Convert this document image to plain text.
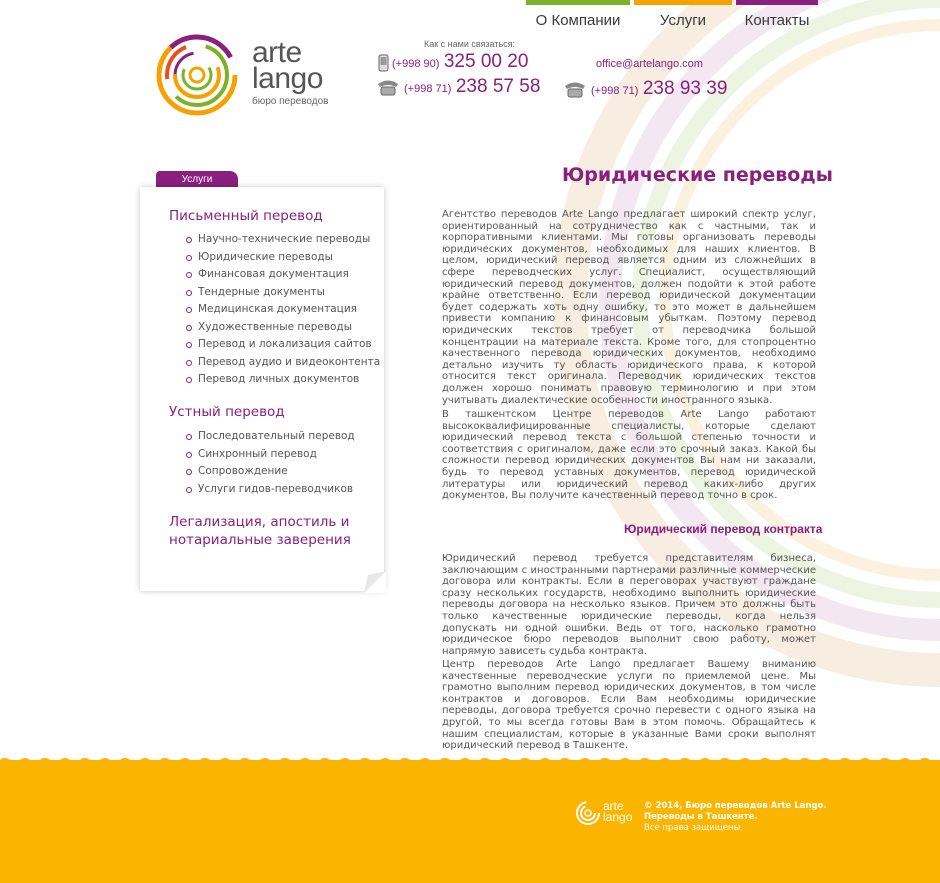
О Компании	Услуги	Контакты
arte
lango
бюро переводов
Как с нами связаться:
(+998 90) 325 00 20
(+998 71) 238 57 58
office@artelango.com
(+998 71) 238 93 39
Услуги
Письменный перевод
Научно-технические переводы
Юридические переводы
Финансовая документация
Тендерные документы
Медицинская документация
Художественные переводы
Перевод и локализация сайтов
Перевод аудио и видеоконтента
Перевод личных документов
Устный перевод
Последовательный перевод
Синхронный перевод
Сопровождение
Услуги гидов-переводчиков
Легализация, апостиль и
нотариальные заверения
Юридические переводы

Агентство переводов Arte Lango предлагает широкий спектр услуг, ориентированный на сотрудничество как с частными, так и корпоративными клиентами. Мы готовы организовать переводы юридических документов, необходимых для наших клиентов. В целом, юридический перевод является одним из сложнейших в сфере переводческих услуг. Специалист, осуществляющий юридический перевод документов, должен подойти к этой работе крайне ответственно. Если перевод юридической документации будет содержать хоть одну ошибку, то это может в дальнейшем привести компанию к финансовым убыткам. Поэтому перевод юридических текстов требует от переводчика большой концентрации на материале текста. Кроме того, для стопроцентно качественного перевода юридических документов, необходимо детально изучить ту область юридического права, к которой относится текст оригинала. Переводчик юридических текстов должен хорошо понимать правовую терминологию и при этом учитывать диалектические особенности иностранного языка.

В ташкентском Центре переводов Arte Lango работают высококвалифицированные специалисты, которые сделают юридический перевод текста с большой степенью точности и соответствия с оригиналом, даже если это срочный заказ. Какой бы сложности перевод юридических документов Вы нам ни заказали, будь то перевод уставных документов, перевод юридической литературы или юридический перевод каких-либо других документов, Вы получите качественный перевод точно в срок.

Юридический перевод контракта

Юридический перевод требуется представителям бизнеса, заключающим с иностранными партнерами различные коммерческие договора или контракты. Если в переговорах участвуют граждане сразу нескольких государств, необходимо выполнить юридические переводы договора на несколько языков. Причем это должны быть только качественные юридические переводы, когда нельзя допускать ни одной ошибки. Ведь от того, насколько грамотно юридическое бюро переводов выполнит свою работу, может напрямую зависеть судьба контракта.

Центр переводов Arte Lango предлагает Вашему вниманию качественные переводческие услуги по приемлемой цене. Мы грамотно выполним перевод юридических документов, в том числе контрактов и договоров. Если Вам необходимы юридические переводы, договора требуется срочно перевести с одного языка на другой, то мы всегда готовы Вам в этом помочь. Обращайтесь к нашим специалистам, которые в указанные Вами сроки выполнят юридический перевод в Ташкенте.

arte
lango
© 2014, Бюро переводов Arte Lango.
Переводы в Ташкенте.
Все права защищены.
